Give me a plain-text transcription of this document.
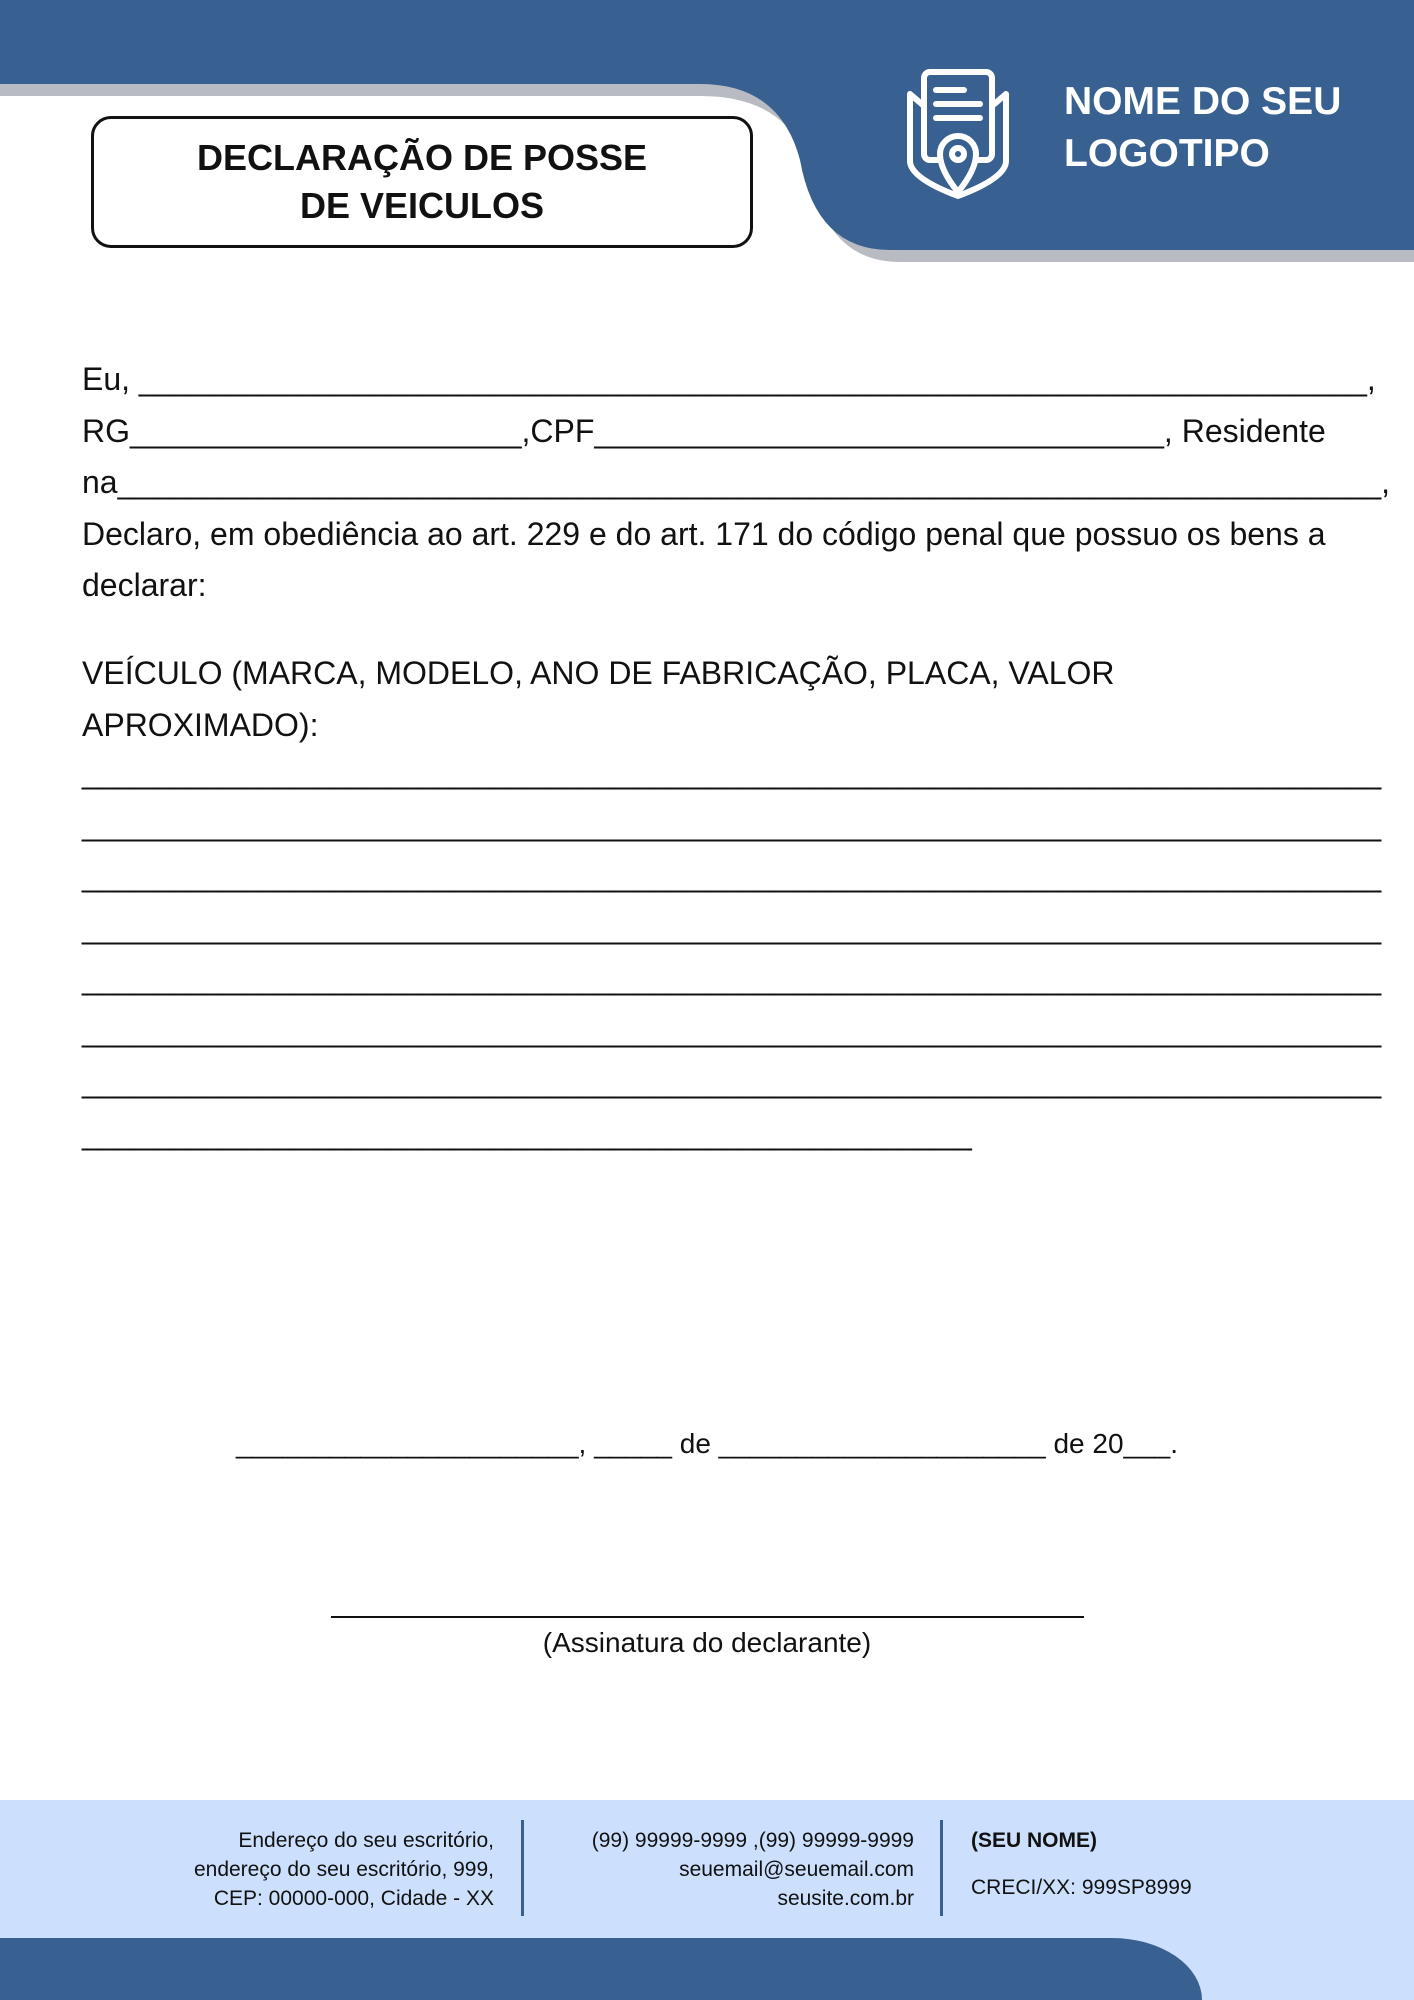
DECLARAÇÃO DE POSSE
DE VEICULOS
NOME DO SEU
LOGOTIPO
Eu, _____________________________________________________________________,
RG______________________,CPF________________________________, Residente
na_______________________________________________________________________,
Declaro, em obediência ao art. 229 e do art. 171 do código penal que possuo os bens a declarar:
VEÍCULO (MARCA, MODELO, ANO DE FABRICAÇÃO, PLACA, VALOR APROXIMADO):
_________________________________________________________________________
_________________________________________________________________________
_________________________________________________________________________
_________________________________________________________________________
_________________________________________________________________________
_________________________________________________________________________
_________________________________________________________________________
__________________________________________________
______________________, _____ de _____________________ de 20___.
(Assinatura do declarante)
Endereço do seu escritório,
endereço do seu escritório, 999,
CEP: 00000-000, Cidade - XX
(99) 99999-9999 ,(99) 99999-9999
seuemail@seuemail.com
seusite.com.br
(SEU NOME)
CRECI/XX: 999SP8999
